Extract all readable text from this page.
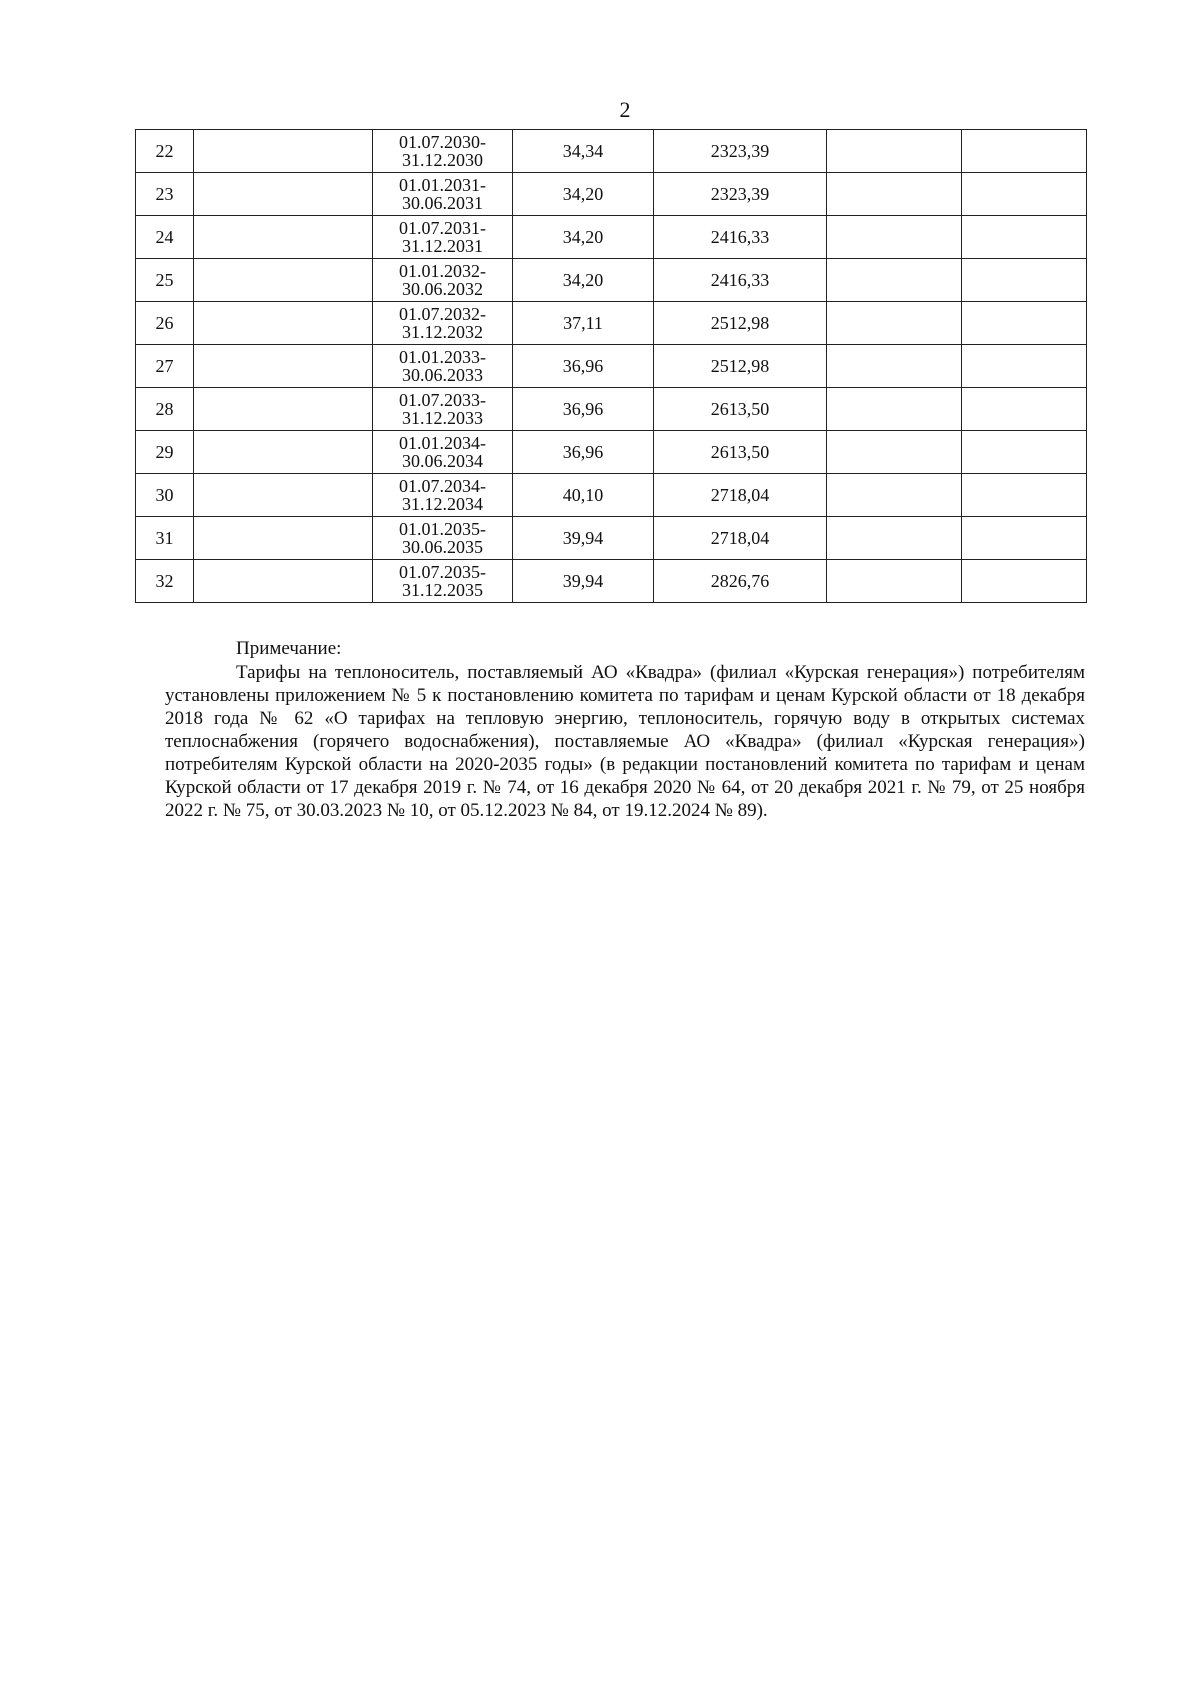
2
22		01.07.2030-
31.12.2030	34,34	2323,39		
23		01.01.2031-
30.06.2031	34,20	2323,39		
24		01.07.2031-
31.12.2031	34,20	2416,33		
25		01.01.2032-
30.06.2032	34,20	2416,33		
26		01.07.2032-
31.12.2032	37,11	2512,98		
27		01.01.2033-
30.06.2033	36,96	2512,98		
28		01.07.2033-
31.12.2033	36,96	2613,50		
29		01.01.2034-
30.06.2034	36,96	2613,50		
30		01.07.2034-
31.12.2034	40,10	2718,04		
31		01.01.2035-
30.06.2035	39,94	2718,04		
32		01.07.2035-
31.12.2035	39,94	2826,76		
Примечание:
Тарифы на теплоноситель, поставляемый АО «Квадра» (филиал «Курская генерация») потребителям установлены приложением № 5 к постановлению комитета по тарифам и ценам Курской области от 18 декабря 2018 года № 62 «О тарифах на тепловую энергию, теплоноситель, горячую воду в открытых системах теплоснабжения (горячего водоснабжения), поставляемые АО «Квадра» (филиал «Курская генерация») потребителям Курской области на 2020-2035 годы» (в редакции постановлений комитета по тарифам и ценам Курской области от 17 декабря 2019 г. № 74, от 16 декабря 2020 № 64, от 20 декабря 2021 г. № 79, от 25 ноября 2022 г. № 75, от 30.03.2023 № 10, от 05.12.2023 № 84, от 19.12.2024 № 89).
